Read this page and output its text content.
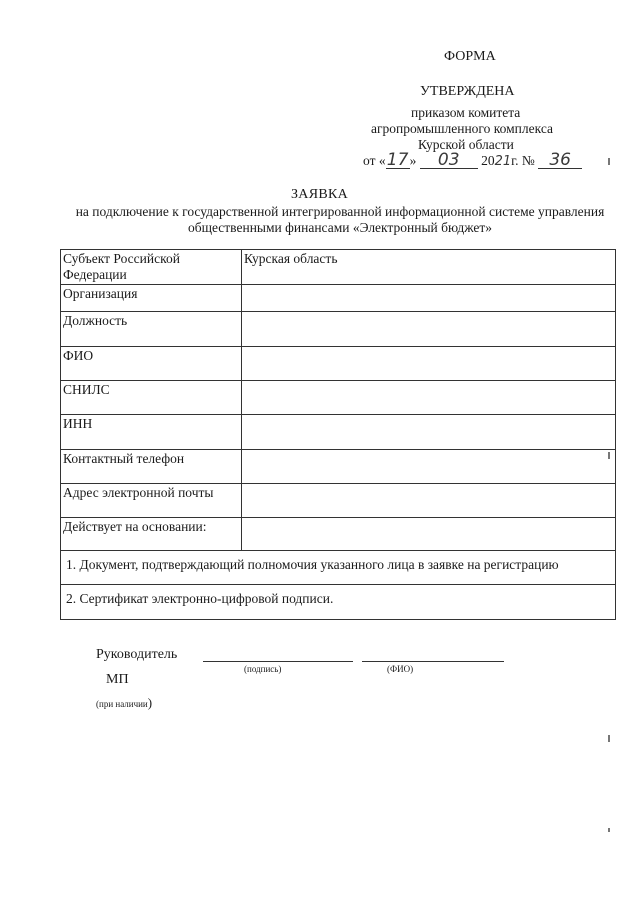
ФОРМА
УТВЕРЖДЕНА
приказом комитета
агропромышленного комплекса
Курской области
от «17» 03 2021г. № 36
ЗАЯВКА
на подключение к государственной интегрированной информационной системе управления общественными финансами «Электронный бюджет»
Субъект Российской Федерации	Курская область
Организация	
Должность	
ФИО	
СНИЛС	
ИНН	
Контактный телефон	
Адрес электронной почты	
Действует на основании:	
1. Документ, подтверждающий полномочия указанного лица в заявке на регистрацию	
2. Сертификат электронно-цифровой подписи.	
Руководитель
(подпись)	(ФИО)
МП
(при наличии)
